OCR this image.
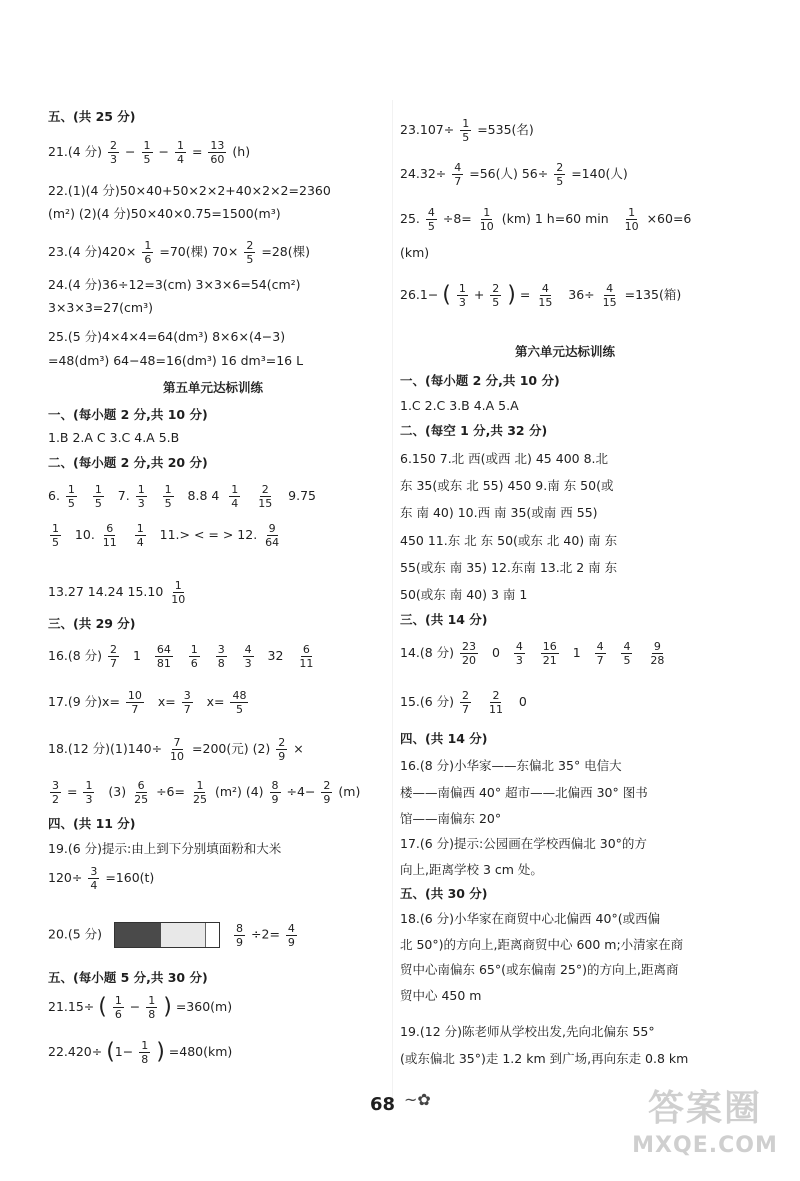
五、(共 25 分)
21.(4 分) $\frac{2}{3} - \frac{1}{5} - \frac{1}{4} = \frac{13}{60} (h)$
22.(1)(4 分)50×40+50×2×2+40×2×2=2360
(m²) (2)(4 分)50×40×0.75=1500(m³)
23.(4 分)$420\times \frac{1}{6} =70$(棵) $70\times \frac{2}{5} =28$(棵)
24.(4 分)36÷12=3(cm) 3×3×6=54(cm²)
3×3×3=27(cm³)
25.(5 分)4×4×4=64(dm³) 8×6×(4−3)
=48(dm³) 64−48=16(dm³) 16 dm³=16 L
第五单元达标训练
一、(每小题 2 分,共 10 分)
1.B 2.A C 3.C 4.A 5.B
二、(每小题 2 分,共 20 分)
6. $\frac{1}{5}$
$\frac{1}{5} 7$. $\frac{1}{3}$
$\frac{1}{5} 8.8$ $4 \frac{1}{4}$
$\frac{2}{15} 9.75$
$\frac{1}{5} 10$. $\frac{6}{11}$
$\frac{1}{4} 11.>$ < = > 12. $\frac{9}{64}$
13.27 14.24 $15.10 \frac{1}{10}$
三、(共 29 分)
16.(8 分) $\frac{2}{7} 1 \frac{64}{81}$
$\frac{1}{6}$
$\frac{3}{8}$
$\frac{4}{3} 32 \frac{6}{11}$
17.(9 分)$x= \frac{10}{7} x= \frac{3}{7} x= \frac{48}{5}$
18.(12 分)$(1)140\div \frac{7}{10} =200$(元) $(2) \frac{2}{9}$ ×
$\frac{3}{2} = \frac{1}{3} (3) \frac{6}{25} \div 6= \frac{1}{25} (m^2)$ $(4) \frac{8}{9} \div 4- \frac{2}{9} (m)$
四、(共 11 分)
19.(6 分)提示:由上到下分别填面粉和大米
$120\div \frac{3}{4} =160(t)$
20.(5 分)
	$\frac{8}{9} \div 2= \frac{4}{9}$
五、(每小题 5 分,共 30 分)
21.15÷ ( $\frac{1}{6} - \frac{1}{8}$ ) =360(m)
$22.420\div (1- \frac{1}{8}$ ) =480(km)
$23.107\div \frac{1}{5} =535$(名)
$24.32\div \frac{4}{7} =56$(人) $56\div \frac{2}{5} =140$(人)
25. $\frac{4}{5} \div 8= \frac{1}{10} (km)$ 1 h=60 $\min \frac{1}{10} \times 60=6$
(km)
26.1− ( $\frac{1}{3} + \frac{2}{5}$ ) = $\frac{4}{15} 36\div \frac{4}{15} =135$(箱)
第六单元达标训练
一、(每小题 2 分,共 10 分)
1.C 2.C 3.B 4.A 5.A
二、(每空 1 分,共 32 分)
6.150 7.北 西(或西 北) 45 400 8.北
东 35(或东 北 55) 450 9.南 东 50(或
东 南 40) 10.西 南 35(或南 西 55)
450 11.东 北 东 50(或东 北 40) 南 东
55(或东 南 35) 12.东南 13.北 2 南 东
50(或东 南 40) 3 南 1
三、(共 14 分)
14.(8 分) $\frac{23}{20} 0 \frac{4}{3}$
$\frac{16}{21} 1 \frac{4}{7}$
$\frac{4}{5}$
$\frac{9}{28}$
15.(6 分) $\frac{2}{7}$
$\frac{2}{11} 0$
四、(共 14 分)
16.(8 分)小华家——东偏北 35° 电信大
楼——南偏西 40° 超市——北偏西 30° 图书
馆——南偏东 20°
17.(6 分)提示:公园画在学校西偏北 30°的方
向上,距离学校 3 cm 处。
五、(共 30 分)
18.(6 分)小华家在商贸中心北偏西 40°(或西偏
北 50°)的方向上,距离商贸中心 600 m;小清家在商
贸中心南偏东 65°(或东偏南 25°)的方向上,距离商
贸中心 450 m
19.(12 分)陈老师从学校出发,先向北偏东 55°
(或东偏北 35°)走 1.2 km 到广场,再向东走 0.8 km
68 ~✿	答案圈
MXQE.COM
